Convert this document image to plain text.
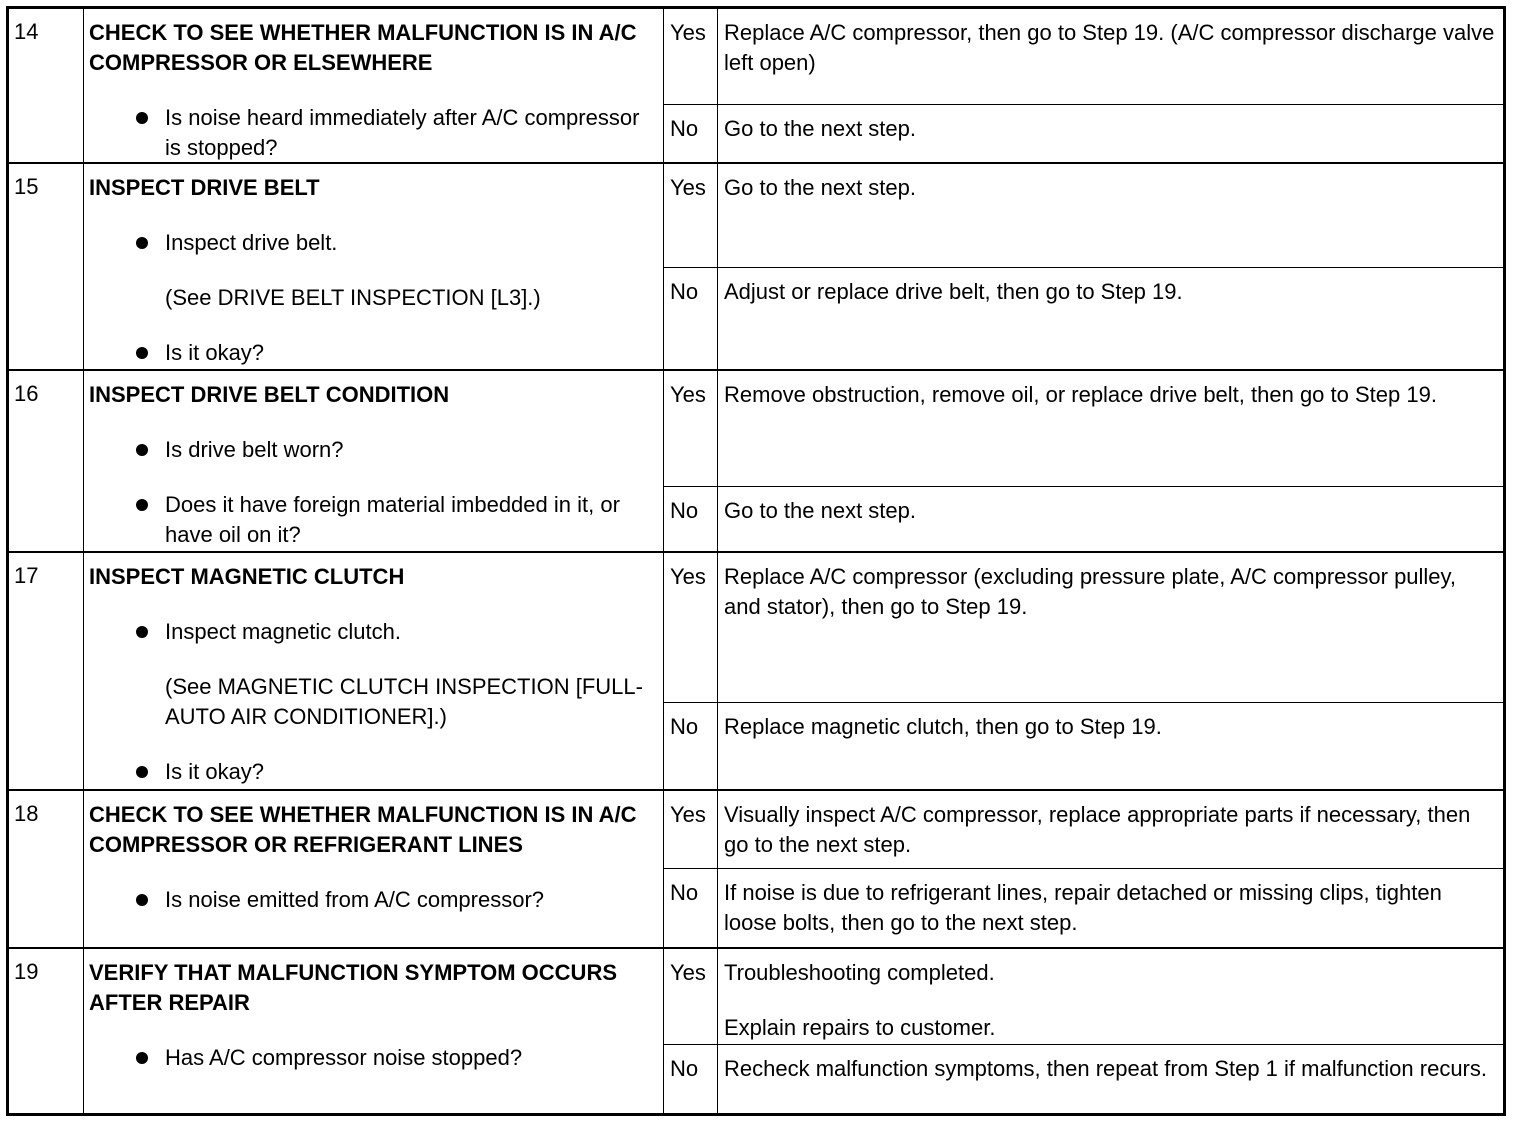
14	CHECK TO SEE WHETHER MALFUNCTION IS IN A/C COMPRESSOR OR ELSEWHERE
Is noise heard immediately after A/C compressor is stopped?
Yes Replace A/C compressor, then go to Step 19. (A/C compressor discharge valve left open)

No	Go to the next step.

15	INSPECT DRIVE BELT
Inspect drive belt.
(See DRIVE BELT INSPECTION [L3].)
Is it okay?
Yes Go to the next step.

No	Adjust or replace drive belt, then go to Step 19.

16	INSPECT DRIVE BELT CONDITION
Is drive belt worn?
Does it have foreign material imbedded in it, or have oil on it?
Yes Remove obstruction, remove oil, or replace drive belt, then go to Step 19.

No	Go to the next step.

17	INSPECT MAGNETIC CLUTCH
Inspect magnetic clutch.
(See MAGNETIC CLUTCH INSPECTION [FULL-AUTO AIR CONDITIONER].)
Is it okay?
Yes Replace A/C compressor (excluding pressure plate, A/C compressor pulley, and stator), then go to Step 19.

No	Replace magnetic clutch, then go to Step 19.

18	CHECK TO SEE WHETHER MALFUNCTION IS IN A/C COMPRESSOR OR REFRIGERANT LINES
Is noise emitted from A/C compressor?
Yes Visually inspect A/C compressor, replace appropriate parts if necessary, then go to the next step.

No	If noise is due to refrigerant lines, repair detached or missing clips, tighten loose bolts, then go to the next step.

19	VERIFY THAT MALFUNCTION SYMPTOM OCCURS AFTER REPAIR
Has A/C compressor noise stopped?
Yes Troubleshooting completed.

Explain repairs to customer.

No	Recheck malfunction symptoms, then repeat from Step 1 if malfunction recurs.
